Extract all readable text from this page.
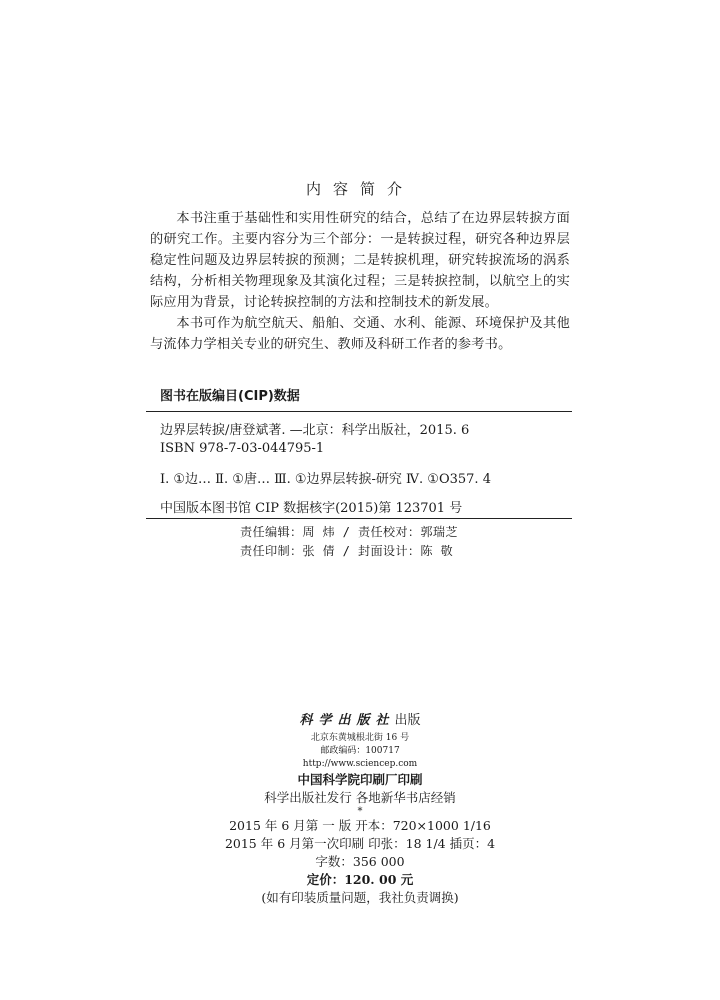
内容简介

本书注重于基础性和实用性研究的结合，总结了在边界层转捩方面的研究工作。主要内容分为三个部分：一是转捩过程，研究各种边界层稳定性问题及边界层转捩的预测；二是转捩机理，研究转捩流场的涡系结构，分析相关物理现象及其演化过程；三是转捩控制，以航空上的实际应用为背景，讨论转捩控制的方法和控制技术的新发展。

本书可作为航空航天、船舶、交通、水利、能源、环境保护及其他与流体力学相关专业的研究生、教师及科研工作者的参考书。

图书在版编目(CIP)数据
边界层转捩/唐登斌著. —北京：科学出版社，2015. 6
ISBN 978-7-03-044795-1
Ⅰ. ①边… Ⅱ. ①唐… Ⅲ. ①边界层转捩-研究 Ⅳ. ①O357. 4
中国版本图书馆 CIP 数据核字(2015)第 123701 号
责任编辑：周 炜 / 责任校对：郭瑞芝
责任印制：张 倩 / 封面设计：陈 敬
科学出版社出版
北京东黄城根北街 16 号
邮政编码：100717
http://www.sciencep.com
中国科学院印刷厂印刷
科学出版社发行 各地新华书店经销
*
2015 年 6 月第 一 版 开本：720×1000 1/16
2015 年 6 月第一次印刷 印张：18 1/4 插页：4
字数：356 000
定价：120. 00 元
(如有印装质量问题，我社负责调换)
